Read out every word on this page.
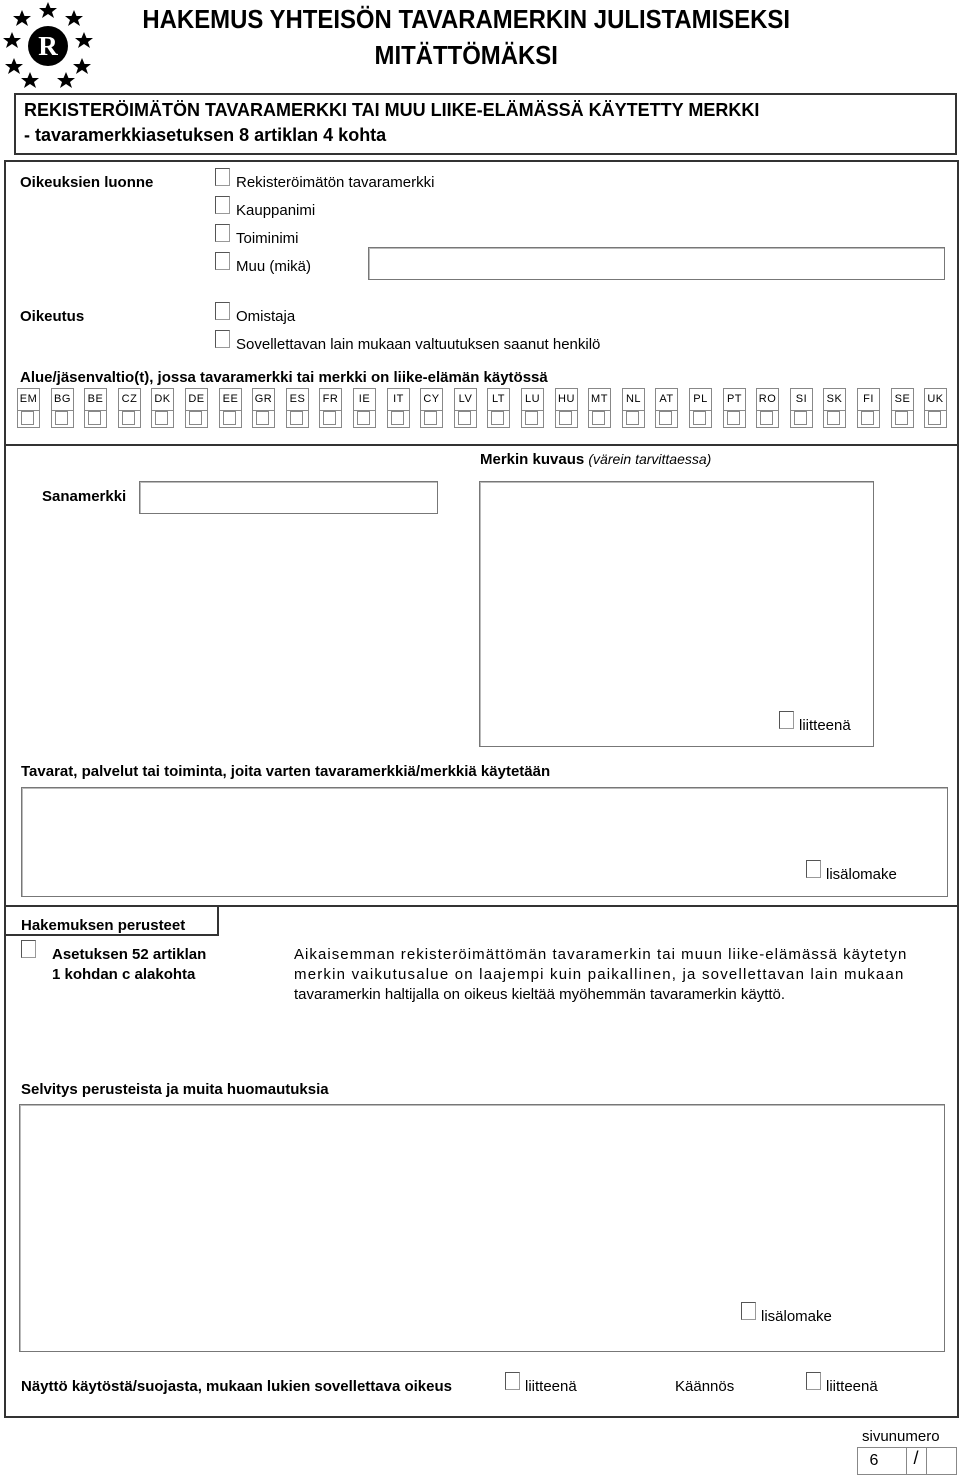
R
HAKEMUS YHTEISÖN TAVARAMERKIN JULISTAMISEKSI
MITÄTTÖMÄKSI
REKISTERÖIMÄTÖN TAVARAMERKKI TAI MUU LIIKE-ELÄMÄSSÄ KÄYTETTY MERKKI
- tavaramerkkiasetuksen 8 artiklan 4 kohta
Oikeuksien luonne	Rekisteröimätön tavaramerkki
Kauppanimi
Toiminimi
Muu (mikä)
Oikeutus	Omistaja
Sovellettavan lain mukaan valtuutuksen saanut henkilö
Alue/jäsenvaltio(t), jossa tavaramerkki tai merkki on liike-elämän käytössä
EM BG BE CZ DK DE EE GR ES FR	IE	IT	CY	LV	LT	LU HU MT NL	AT	PL PT RO	SI	SK	FI	SE UK
Merkin kuvaus (värein tarvittaessa)
Sanamerkki
liitteenä
Tavarat, palvelut tai toiminta, joita varten tavaramerkkiä/merkkiä käytetään
lisälomake
Hakemuksen perusteet
Asetuksen 52 artiklan
1 kohdan c alakohta
Aikaisemman rekisteröimättömän tavaramerkin tai muun liike-elämässä käytetyn
merkin vaikutusalue on laajempi kuin paikallinen, ja sovellettavan lain mukaan
tavaramerkin haltijalla on oikeus kieltää myöhemmän tavaramerkin käyttö.
Selvitys perusteista ja muita huomautuksia
lisälomake
Näyttö käytöstä/suojasta, mukaan lukien sovellettava oikeus	liitteenä	Käännös	liitteenä
sivunumero
6	/
